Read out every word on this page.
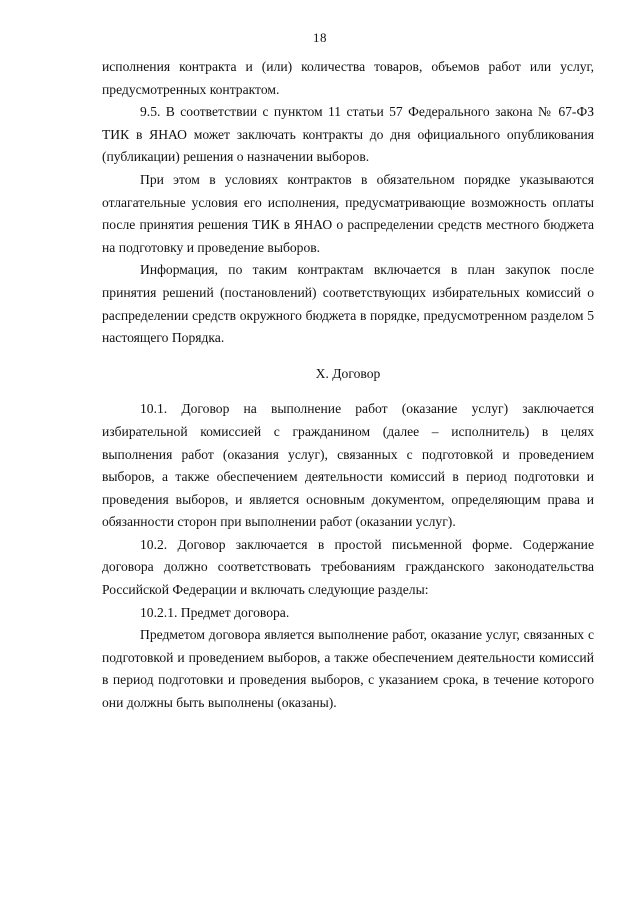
18

исполнения контракта и (или) количества товаров, объемов работ или услуг, предусмотренных контрактом.

9.5. В соответствии с пунктом 11 статьи 57 Федерального закона № 67-ФЗ ТИК в ЯНАО может заключать контракты до дня официального опубликования (публикации) решения о назначении выборов.

При этом в условиях контрактов в обязательном порядке указываются отлагательные условия его исполнения, предусматривающие возможность оплаты после принятия решения ТИК в ЯНАО о распределении средств местного бюджета на подготовку и проведение выборов.

Информация, по таким контрактам включается в план закупок после принятия решений (постановлений) соответствующих избирательных комиссий о распределении средств окружного бюджета в порядке, предусмотренном разделом 5 настоящего Порядка.

X. Договор

10.1. Договор на выполнение работ (оказание услуг) заключается избирательной комиссией с гражданином (далее – исполнитель) в целях выполнения работ (оказания услуг), связанных с подготовкой и проведением выборов, а также обеспечением деятельности комиссий в период подготовки и проведения выборов, и является основным документом, определяющим права и обязанности сторон при выполнении работ (оказании услуг).

10.2. Договор заключается в простой письменной форме. Содержание договора должно соответствовать требованиям гражданского законодательства Российской Федерации и включать следующие разделы:

10.2.1. Предмет договора.

Предметом договора является выполнение работ, оказание услуг, связанных с подготовкой и проведением выборов, а также обеспечением деятельности комиссий в период подготовки и проведения выборов, с указанием срока, в течение которого они должны быть выполнены (оказаны).
